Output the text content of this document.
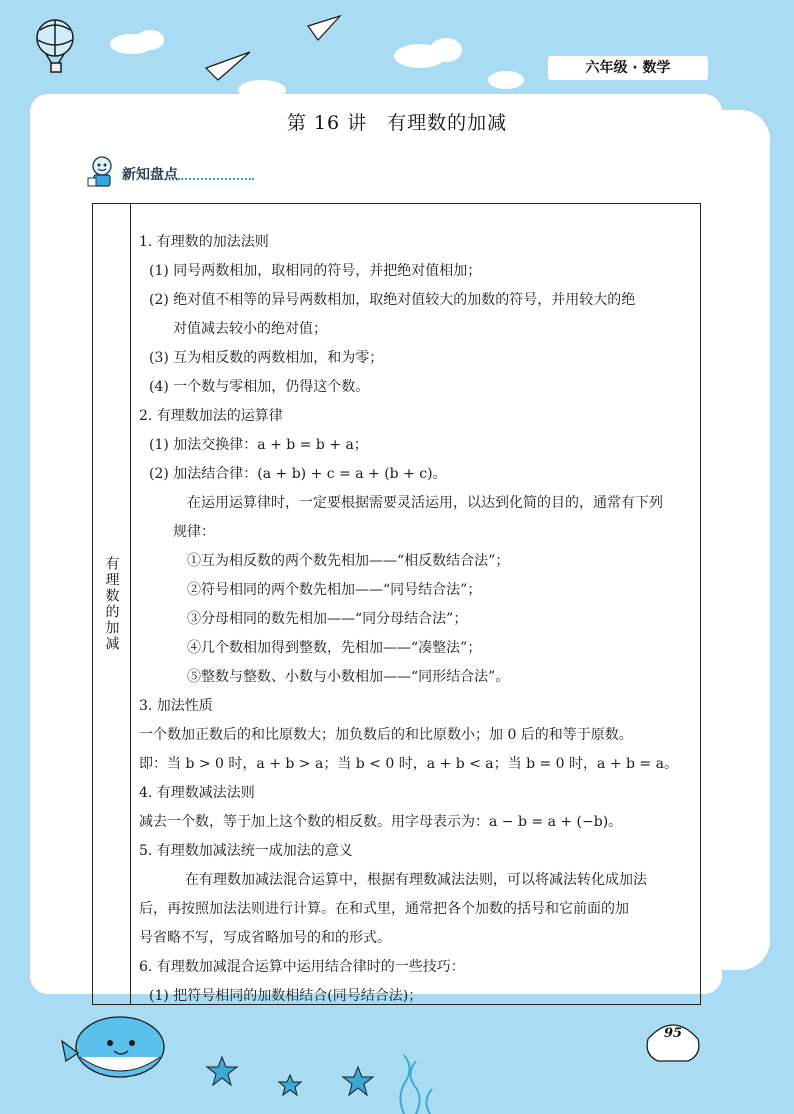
六年级 · 数学
第 16 讲　有理数的加减
新知盘点
有理数的加减
1. 有理数的加法法则
(1) 同号两数相加，取相同的符号，并把绝对值相加；
(2) 绝对值不相等的异号两数相加，取绝对值较大的加数的符号，并用较大的绝
对值减去较小的绝对值；
(3) 互为相反数的两数相加，和为零；
(4) 一个数与零相加，仍得这个数。
2. 有理数加法的运算律
(1) 加法交换律：a + b = b + a；
(2) 加法结合律：(a + b) + c = a + (b + c)。
在运用运算律时，一定要根据需要灵活运用，以达到化简的目的，通常有下列
规律：
①互为相反数的两个数先相加——“相反数结合法”；
②符号相同的两个数先相加——“同号结合法”；
③分母相同的数先相加——“同分母结合法”；
④几个数相加得到整数，先相加——“凑整法”；
⑤整数与整数、小数与小数相加——“同形结合法”。
3. 加法性质
一个数加正数后的和比原数大；加负数后的和比原数小；加 0 后的和等于原数。
即：当 b > 0 时，a + b > a；当 b < 0 时，a + b < a；当 b = 0 时，a + b = a。
4. 有理数减法法则
减去一个数，等于加上这个数的相反数。用字母表示为：a − b = a + (−b)。
5. 有理数加减法统一成加法的意义
在有理数加减法混合运算中，根据有理数减法法则，可以将减法转化成加法
后，再按照加法法则进行计算。在和式里，通常把各个加数的括号和它前面的加
号省略不写，写成省略加号的和的形式。
6. 有理数加减混合运算中运用结合律时的一些技巧：
(1) 把符号相同的加数相结合(同号结合法)；
95
